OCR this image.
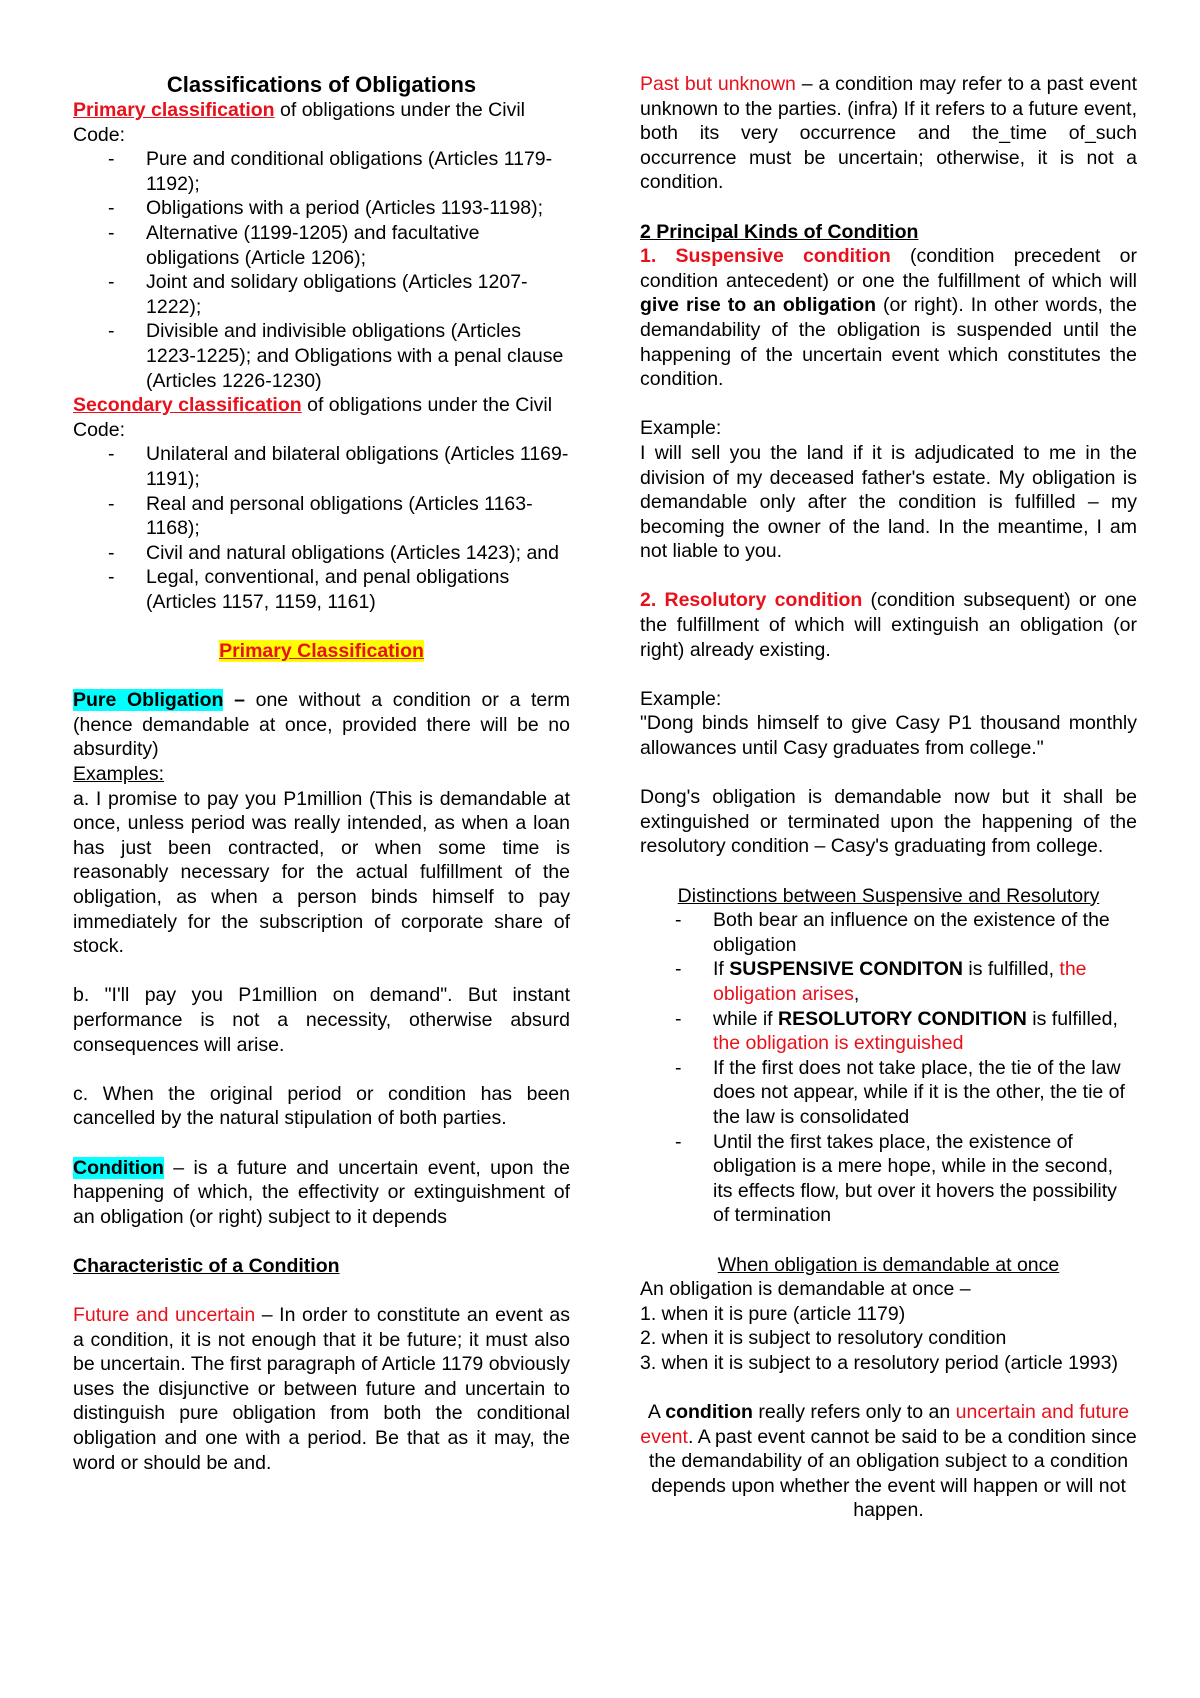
Classifications of Obligations

Primary classification of obligations under the Civil Code:

- Pure and conditional obligations (Articles 1179-1192);
- Obligations with a period (Articles 1193-1198);
- Alternative (1199-1205) and facultative obligations (Article 1206);
- Joint and solidary obligations (Articles 1207-1222);
- Divisible and indivisible obligations (Articles 1223-1225); and Obligations with a penal clause (Articles 1226-1230)

Secondary classification of obligations under the Civil Code:

- Unilateral and bilateral obligations (Articles 1169-1191);
- Real and personal obligations (Articles 1163-1168);
- Civil and natural obligations (Articles 1423); and
- Legal, conventional, and penal obligations (Articles 1157, 1159, 1161)

Primary Classification

Pure Obligation – one without a condition or a term (hence demandable at once, provided there will be no absurdity)

Examples:

a. I promise to pay you P1million (This is demandable at once, unless period was really intended, as when a loan has just been contracted, or when some time is reasonably necessary for the actual fulfillment of the obligation, as when a person binds himself to pay immediately for the subscription of corporate share of stock.

b. "I'll pay you P1million on demand". But instant performance is not a necessity, otherwise absurd consequences will arise.

c. When the original period or condition has been cancelled by the natural stipulation of both parties.

Condition – is a future and uncertain event, upon the happening of which, the effectivity or extinguishment of an obligation (or right) subject to it depends

Characteristic of a Condition

Future and uncertain – In order to constitute an event as a condition, it is not enough that it be future; it must also be uncertain. The first paragraph of Article 1179 obviously uses the disjunctive or between future and uncertain to distinguish pure obligation from both the conditional obligation and one with a period. Be that as it may, the word or should be and.

Past but unknown – a condition may refer to a past event unknown to the parties. (infra) If it refers to a future event, both its very occurrence and the_time of_such occurrence must be uncertain; otherwise, it is not a condition.

2 Principal Kinds of Condition

1. Suspensive condition (condition precedent or condition antecedent) or one the fulfillment of which will give rise to an obligation (or right). In other words, the demandability of the obligation is suspended until the happening of the uncertain event which constitutes the condition.

Example:

I will sell you the land if it is adjudicated to me in the division of my deceased father's estate. My obligation is demandable only after the condition is fulfilled – my becoming the owner of the land. In the meantime, I am not liable to you.

2. Resolutory condition (condition subsequent) or one the fulfillment of which will extinguish an obligation (or right) already existing.

Example:

"Dong binds himself to give Casy P1 thousand monthly allowances until Casy graduates from college."

Dong's obligation is demandable now but it shall be extinguished or terminated upon the happening of the resolutory condition – Casy's graduating from college.

Distinctions between Suspensive and Resolutory

- Both bear an influence on the existence of the obligation
- If SUSPENSIVE CONDITON is fulfilled, the obligation arises,
- while if RESOLUTORY CONDITION is fulfilled, the obligation is extinguished
- If the first does not take place, the tie of the law does not appear, while if it is the other, the tie of the law is consolidated
- Until the first takes place, the existence of obligation is a mere hope, while in the second, its effects flow, but over it hovers the possibility of termination

When obligation is demandable at once

An obligation is demandable at once –

1. when it is pure (article 1179)

2. when it is subject to resolutory condition

3. when it is subject to a resolutory period (article 1993)

A condition really refers only to an uncertain and future event. A past event cannot be said to be a condition since the demandability of an obligation subject to a condition depends upon whether the event will happen or will not happen.
